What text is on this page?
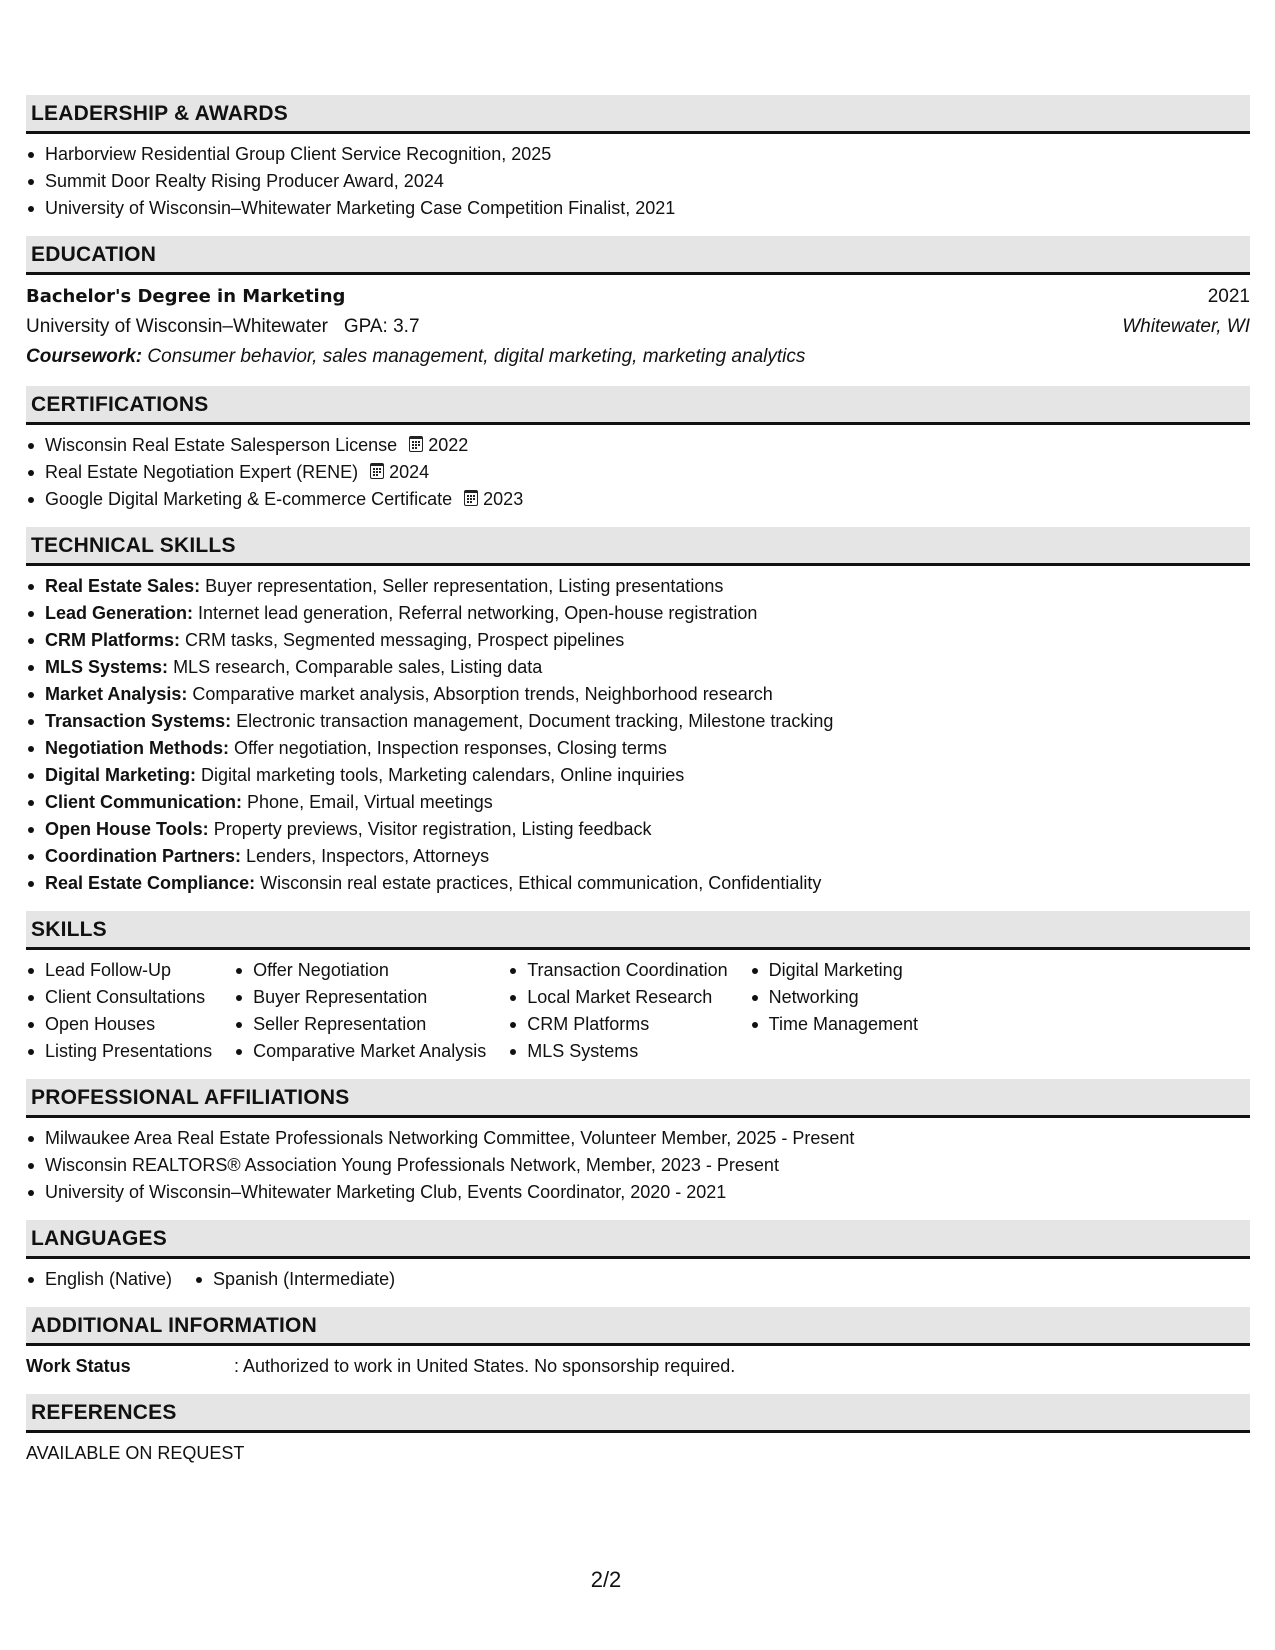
LEADERSHIP & AWARDS
Harborview Residential Group Client Service Recognition, 2025
Summit Door Realty Rising Producer Award, 2024
University of Wisconsin–Whitewater Marketing Case Competition Finalist, 2021
EDUCATION
Bachelor's Degree in Marketing	2021
University of Wisconsin–Whitewater GPA: 3.7	Whitewater, WI
Coursework: Consumer behavior, sales management, digital marketing, marketing analytics
CERTIFICATIONS
Wisconsin Real Estate Salesperson License 2022
Real Estate Negotiation Expert (RENE) 2024
Google Digital Marketing & E-commerce Certificate 2023
TECHNICAL SKILLS
Real Estate Sales: Buyer representation, Seller representation, Listing presentations
Lead Generation: Internet lead generation, Referral networking, Open-house registration
CRM Platforms: CRM tasks, Segmented messaging, Prospect pipelines
MLS Systems: MLS research, Comparable sales, Listing data
Market Analysis: Comparative market analysis, Absorption trends, Neighborhood research
Transaction Systems: Electronic transaction management, Document tracking, Milestone tracking
Negotiation Methods: Offer negotiation, Inspection responses, Closing terms
Digital Marketing: Digital marketing tools, Marketing calendars, Online inquiries
Client Communication: Phone, Email, Virtual meetings
Open House Tools: Property previews, Visitor registration, Listing feedback
Coordination Partners: Lenders, Inspectors, Attorneys
Real Estate Compliance: Wisconsin real estate practices, Ethical communication, Confidentiality
SKILLS
Lead Follow-Up
Client Consultations
Open Houses
Listing Presentations
Offer Negotiation
Buyer Representation
Seller Representation
Comparative Market Analysis
Transaction Coordination
Local Market Research
CRM Platforms
MLS Systems
Digital Marketing
Networking
Time Management
PROFESSIONAL AFFILIATIONS
Milwaukee Area Real Estate Professionals Networking Committee, Volunteer Member, 2025 - Present
Wisconsin REALTORS® Association Young Professionals Network, Member, 2023 - Present
University of Wisconsin–Whitewater Marketing Club, Events Coordinator, 2020 - 2021
LANGUAGES
English (Native)	Spanish (Intermediate)
ADDITIONAL INFORMATION
Work Status	: Authorized to work in United States. No sponsorship required.
REFERENCES
AVAILABLE ON REQUEST
2/2
